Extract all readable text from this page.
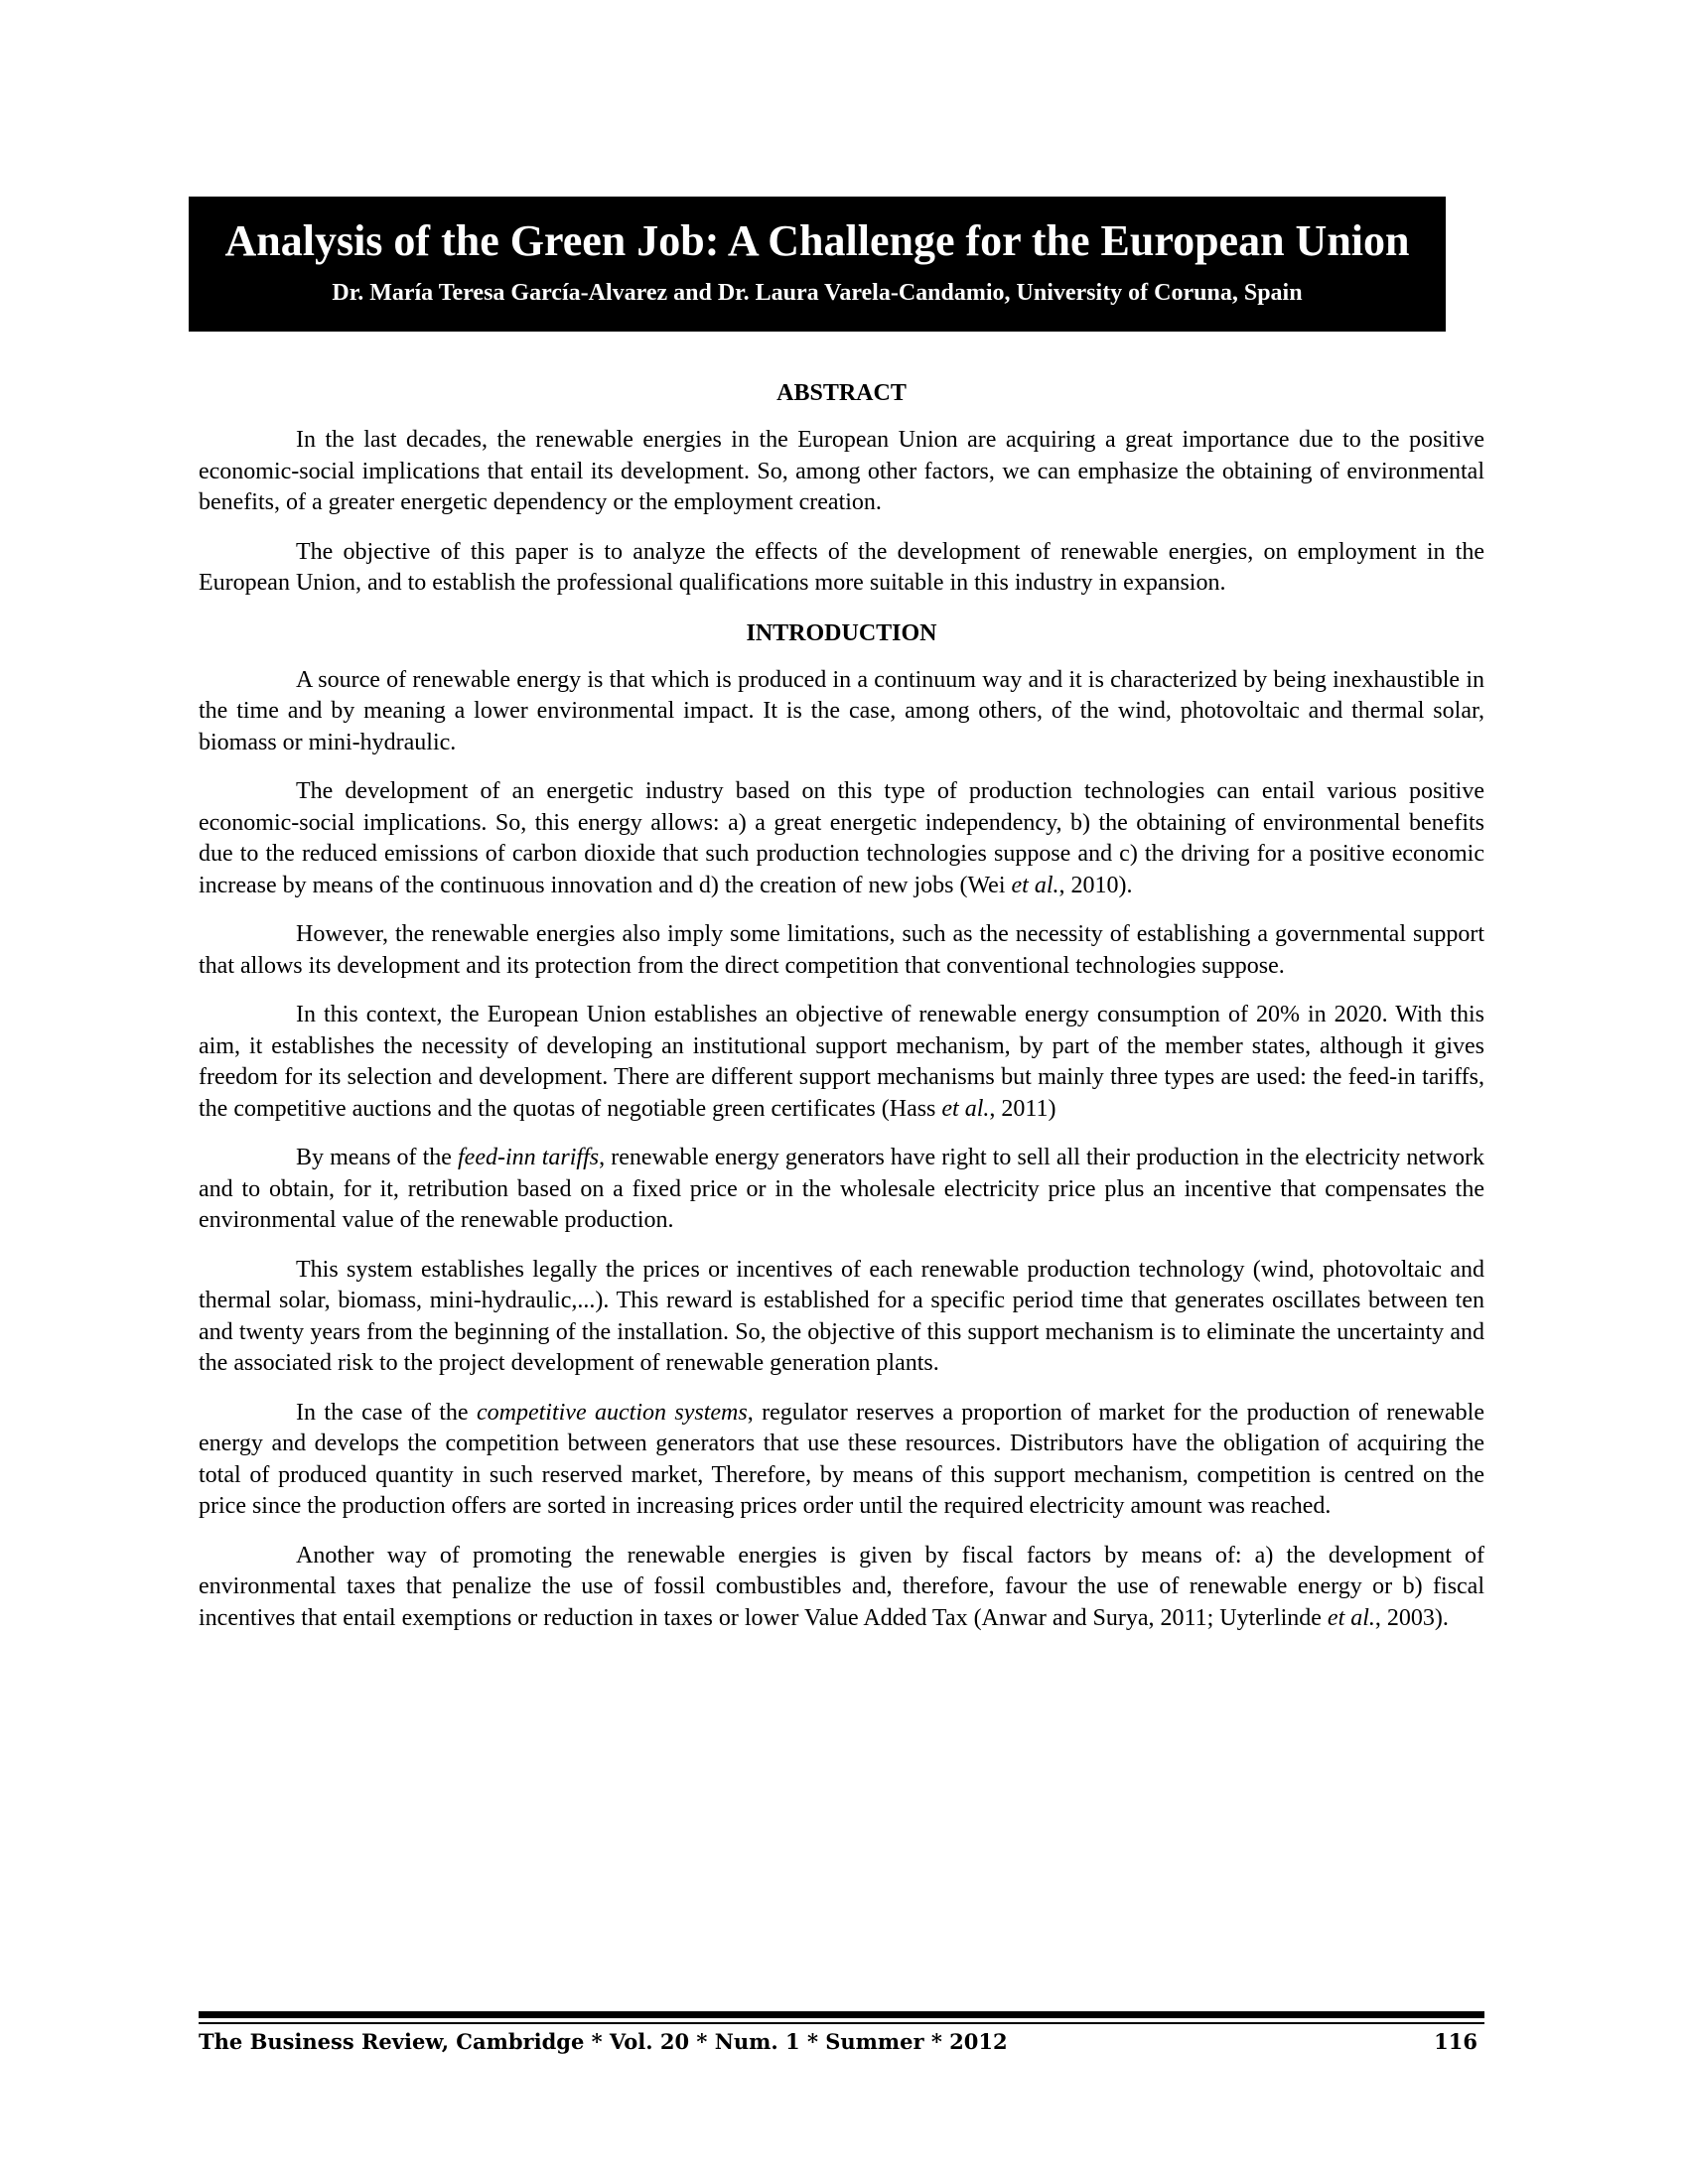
Analysis of the Green Job: A Challenge for the European Union
Dr. María Teresa García-Alvarez and Dr. Laura Varela-Candamio, University of Coruna, Spain
ABSTRACT

In the last decades, the renewable energies in the European Union are acquiring a great importance due to the positive economic-social implications that entail its development. So, among other factors, we can emphasize the obtaining of environmental benefits, of a greater energetic dependency or the employment creation.

The objective of this paper is to analyze the effects of the development of renewable energies, on employment in the European Union, and to establish the professional qualifications more suitable in this industry in expansion.

INTRODUCTION

A source of renewable energy is that which is produced in a continuum way and it is characterized by being inexhaustible in the time and by meaning a lower environmental impact. It is the case, among others, of the wind, photovoltaic and thermal solar, biomass or mini-hydraulic.

The development of an energetic industry based on this type of production technologies can entail various positive economic-social implications. So, this energy allows: a) a great energetic independency, b) the obtaining of environmental benefits due to the reduced emissions of carbon dioxide that such production technologies suppose and c) the driving for a positive economic increase by means of the continuous innovation and d) the creation of new jobs (Wei et al., 2010).

However, the renewable energies also imply some limitations, such as the necessity of establishing a governmental support that allows its development and its protection from the direct competition that conventional technologies suppose.

In this context, the European Union establishes an objective of renewable energy consumption of 20% in 2020. With this aim, it establishes the necessity of developing an institutional support mechanism, by part of the member states, although it gives freedom for its selection and development. There are different support mechanisms but mainly three types are used: the feed-in tariffs, the competitive auctions and the quotas of negotiable green certificates (Hass et al., 2011)

By means of the feed-inn tariffs, renewable energy generators have right to sell all their production in the electricity network and to obtain, for it, retribution based on a fixed price or in the wholesale electricity price plus an incentive that compensates the environmental value of the renewable production.

This system establishes legally the prices or incentives of each renewable production technology (wind, photovoltaic and thermal solar, biomass, mini-hydraulic,...). This reward is established for a specific period time that generates oscillates between ten and twenty years from the beginning of the installation. So, the objective of this support mechanism is to eliminate the uncertainty and the associated risk to the project development of renewable generation plants.

In the case of the competitive auction systems, regulator reserves a proportion of market for the production of renewable energy and develops the competition between generators that use these resources. Distributors have the obligation of acquiring the total of produced quantity in such reserved market, Therefore, by means of this support mechanism, competition is centred on the price since the production offers are sorted in increasing prices order until the required electricity amount was reached.

Another way of promoting the renewable energies is given by fiscal factors by means of: a) the development of environmental taxes that penalize the use of fossil combustibles and, therefore, favour the use of renewable energy or b) fiscal incentives that entail exemptions or reduction in taxes or lower Value Added Tax (Anwar and Surya, 2011; Uyterlinde et al., 2003).

The Business Review, Cambridge * Vol. 20 * Num. 1 * Summer * 2012	116
